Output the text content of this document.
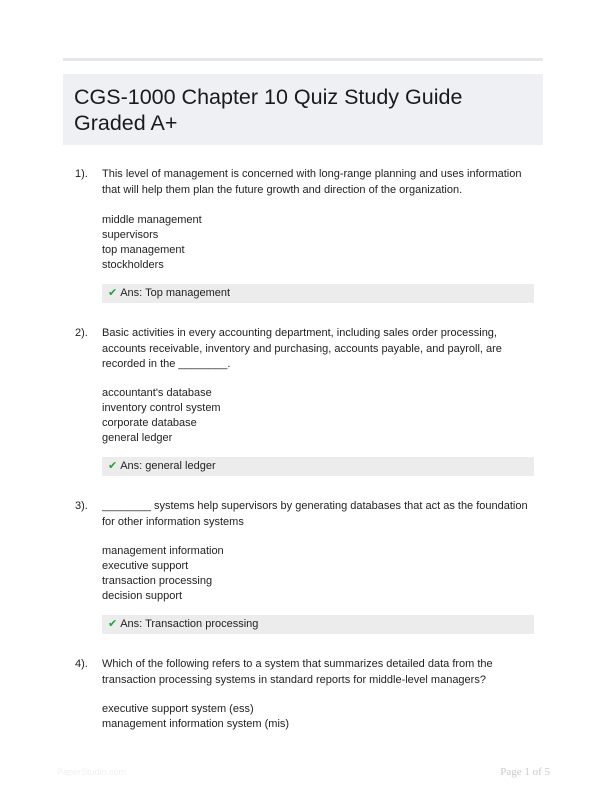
CGS-1000 Chapter 10 Quiz Study Guide Graded A+
1). This level of management is concerned with long-range planning and uses information that will help them plan the future growth and direction of the organization.
middle management
supervisors
top management
stockholders
✔ Ans: Top management
2). Basic activities in every accounting department, including sales order processing, accounts receivable, inventory and purchasing, accounts payable, and payroll, are recorded in the ________.
accountant's database
inventory control system
corporate database
general ledger
✔ Ans: general ledger
3). ________ systems help supervisors by generating databases that act as the foundation for other information systems
management information
executive support
transaction processing
decision support
✔ Ans: Transaction processing
4). Which of the following refers to a system that summarizes detailed data from the transaction processing systems in standard reports for middle-level managers?
executive support system (ess)
management information system (mis)
PaperStudio.com	Page 1 of 5
